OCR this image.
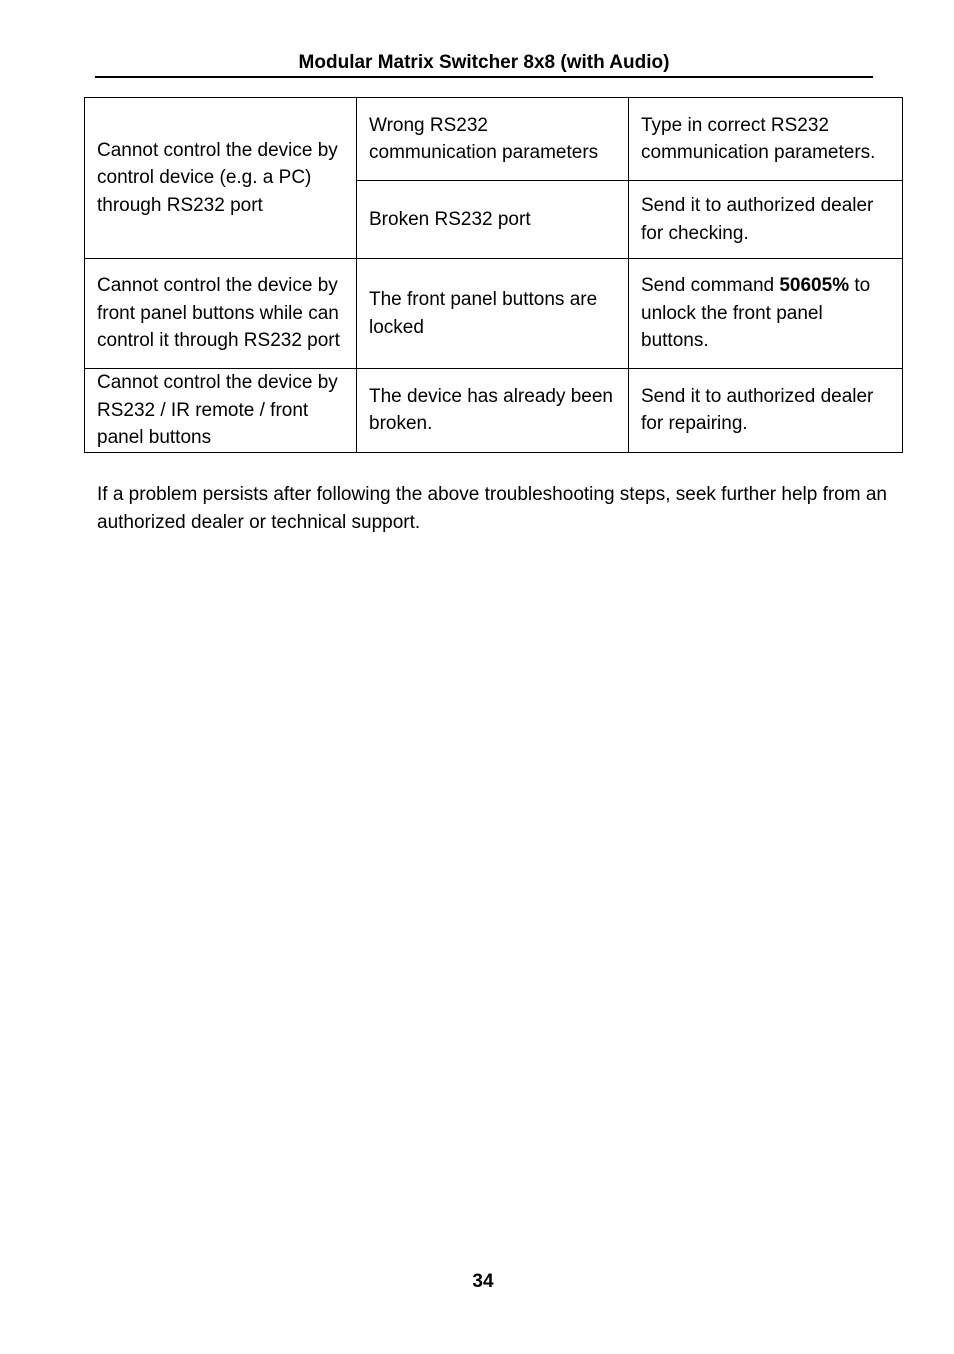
Modular Matrix Switcher 8x8 (with Audio)
Cannot control the device by control device (e.g. a PC) through RS232 port	Wrong RS232 communication parameters	Type in correct RS232 communication parameters.
	Broken RS232 port	Send it to authorized dealer for checking.
Cannot control the device by front panel buttons while can control it through RS232 port	The front panel buttons are locked	Send command 50605% to unlock the front panel buttons.
Cannot control the device by RS232 / IR remote / front panel buttons	The device has already been broken.	Send it to authorized dealer for repairing.
If a problem persists after following the above troubleshooting steps, seek further help from an authorized dealer or technical support.
34
